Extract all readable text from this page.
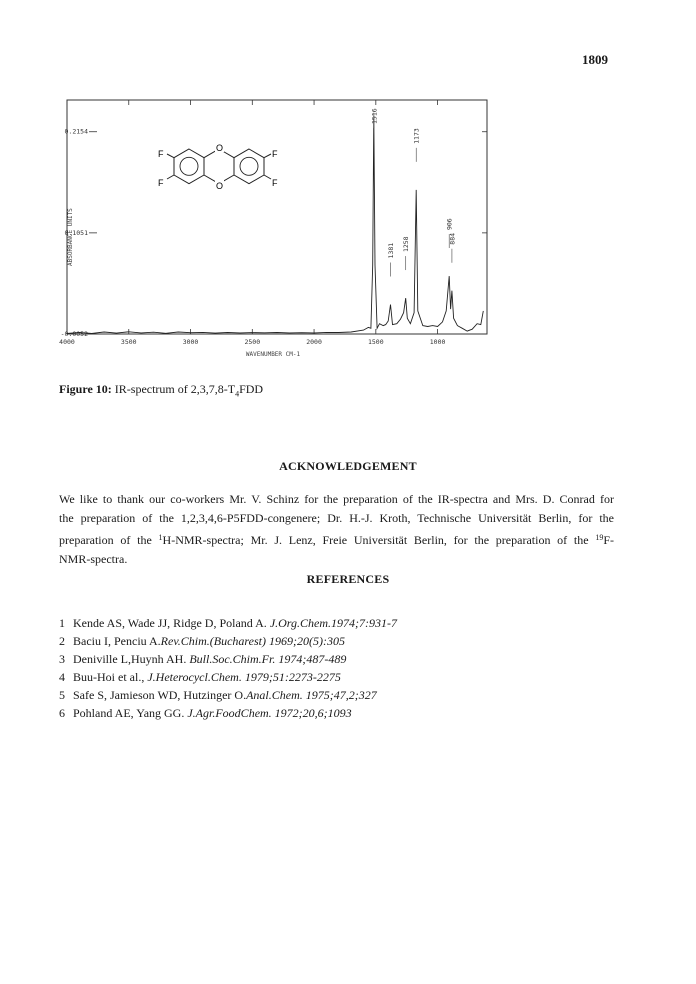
1809
4000	3500	3000	2500	2000	1500	1000
0.2154
0.1051
-0.0052
ABSORBANCE UNITS
WAVENUMBER CM-1
F
F
F
F
O
O
1516
1173
1258
1381
906
884
Figure 10: IR-spectrum of $2,3,7,8-T_4FDD$
ACKNOWLEDGEMENT
We like to thank our co-workers Mr. V. Schinz for the preparation of the IR-spectra and Mrs. D. Conrad for
the preparation of the 1,2,3,4,6-P5FDD-congenere; Dr. H.-J. Kroth, Technische Universität Berlin, for the
preparation of the $^1$H-NMR-spectra; Mr. J. Lenz, Freie Universität Berlin, for the preparation of the $^{19}$F-
NMR-spectra.
REFERENCES
1 Kende AS, Wade JJ, Ridge D, Poland A. J.Org.Chem.1974;7:931-7
2 Baciu I, Penciu A.Rev.Chim.(Bucharest) 1969;20(5):305
3 Deniville L,Huynh AH. Bull.Soc.Chim.Fr. 1974;487-489
4 Buu-Hoi et al., J.Heterocycl.Chem. 1979;51:2273-2275
5 Safe S, Jamieson WD, Hutzinger O.Anal.Chem. 1975;47,2;327
6 Pohland AE, Yang GG. J.Agr.FoodChem. 1972;20,6;1093
